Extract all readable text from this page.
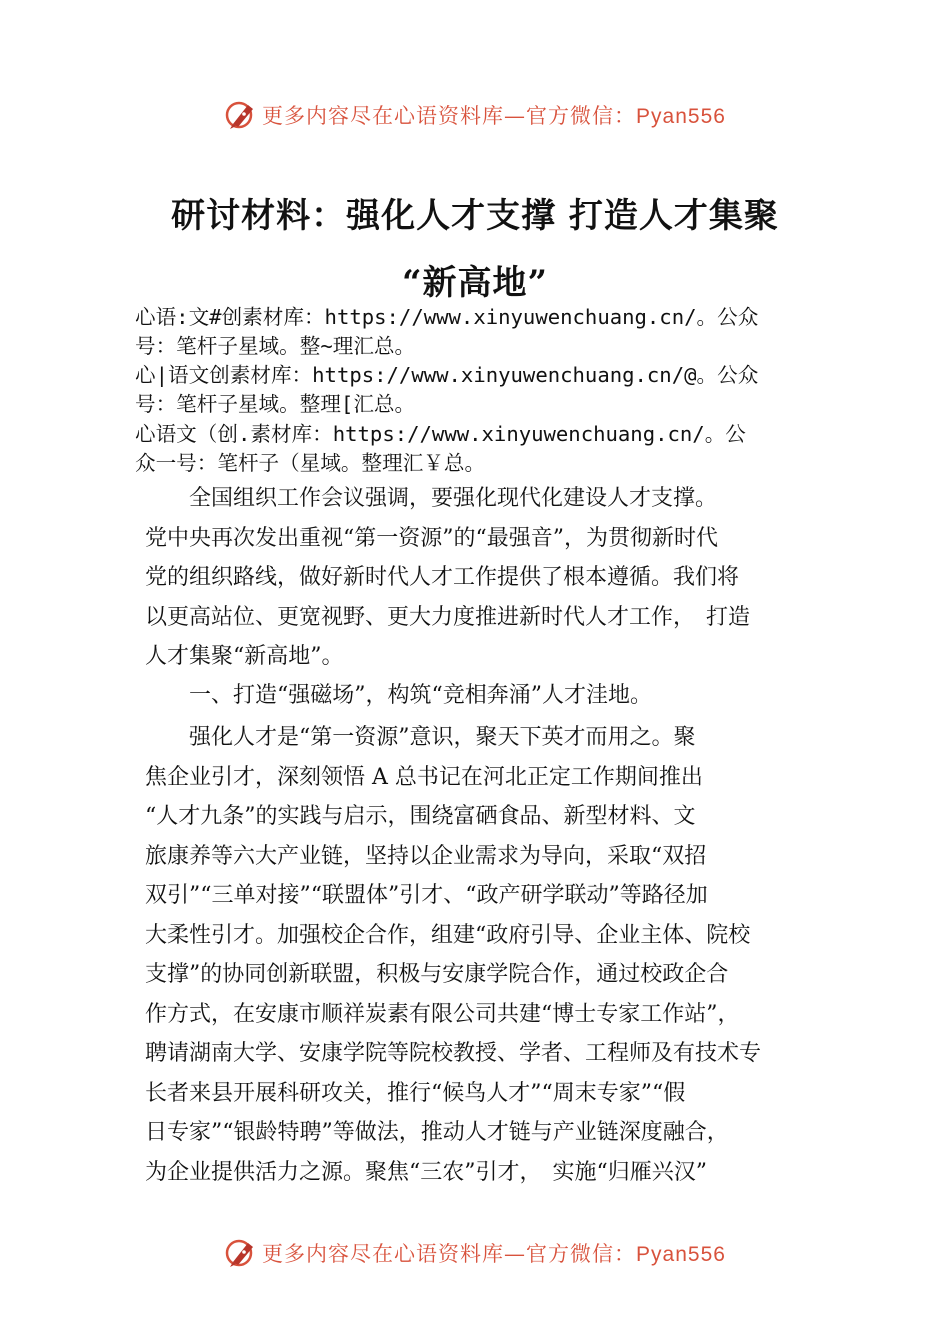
更多内容尽在心语资料库—官方微信：Pyan556
研讨材料：强化人才支撑 打造人才集聚
“新高地”
心语:文#创素材库：https://www.xinyuwenchuang.cn/。公众
号：笔杆子星域。整~理汇总。
心|语文创素材库：https://www.xinyuwenchuang.cn/@。公众
号：笔杆子星域。整理[汇总。
心语文（创.素材库：https://www.xinyuwenchuang.cn/。公
众一号：笔杆子（星域。整理汇￥总。

　　全国组织工作会议强调，要强化现代化建设人才支撑。
党中央再次发出重视“第一资源”的“最强音”，为贯彻新时代
党的组织路线，做好新时代人才工作提供了根本遵循。我们将
以更高站位、更宽视野、更大力度推进新时代人才工作，　打造
人才集聚“新高地”。

　　一、打造“强磁场”，构筑“竞相奔涌”人才洼地。

　　强化人才是“第一资源”意识，聚天下英才而用之。聚
焦企业引才，深刻领悟 A 总书记在河北正定工作期间推出
“人才九条”的实践与启示，围绕富硒食品、新型材料、文
旅康养等六大产业链，坚持以企业需求为导向，采取“双招
双引”“三单对接”“联盟体”引才、“政产研学联动”等路径加
大柔性引才。加强校企合作，组建“政府引导、企业主体、院校
支撑”的协同创新联盟，积极与安康学院合作，通过校政企合
作方式，在安康市顺祥炭素有限公司共建“博士专家工作站”，
聘请湖南大学、安康学院等院校教授、学者、工程师及有技术专
长者来县开展科研攻关，推行“候鸟人才”“周末专家”“假
日专家”“银龄特聘”等做法，推动人才链与产业链深度融合，
为企业提供活力之源。聚焦“三农”引才，　实施“归雁兴汉”

更多内容尽在心语资料库—官方微信：Pyan556
